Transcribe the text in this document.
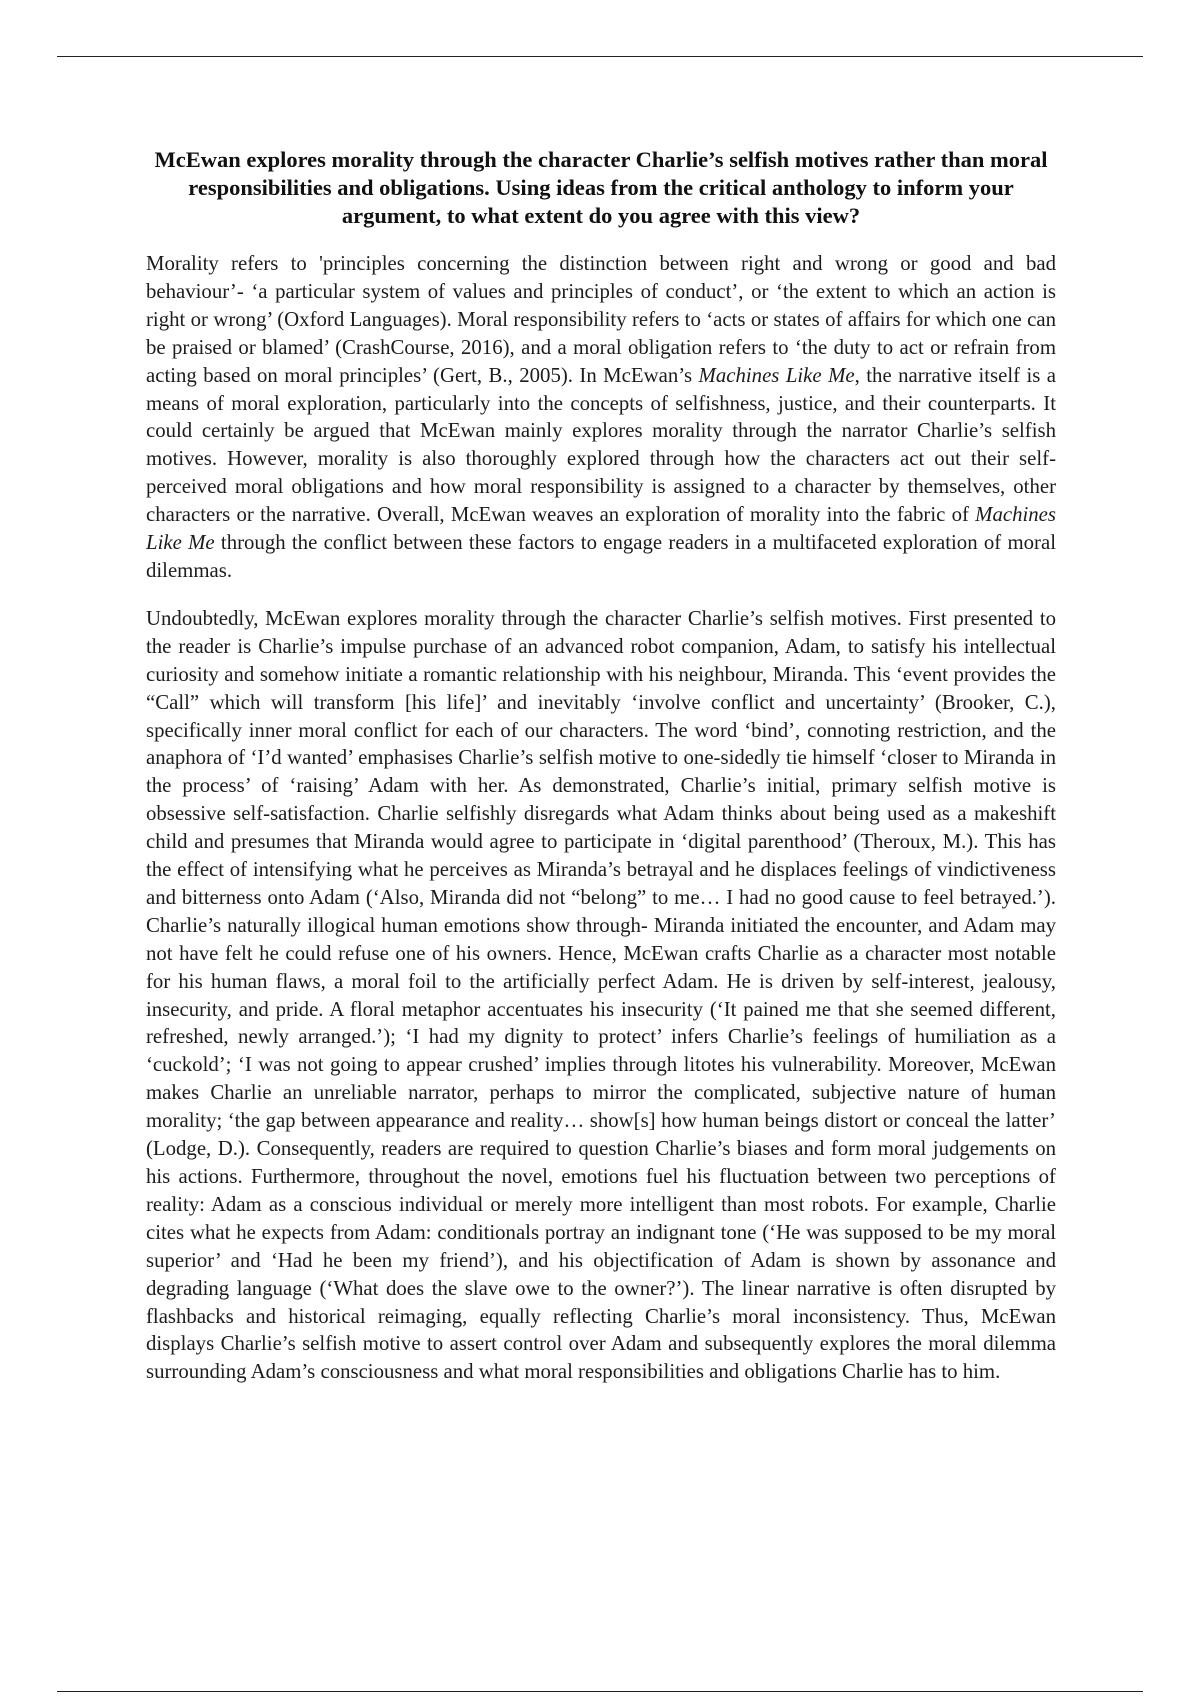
McEwan explores morality through the character Charlie’s selfish motives rather than moral responsibilities and obligations. Using ideas from the critical anthology to inform your argument, to what extent do you agree with this view?

Morality refers to 'principles concerning the distinction between right and wrong or good and bad behaviour’- ‘a particular system of values and principles of conduct’, or ‘the extent to which an action is right or wrong’ (Oxford Languages). Moral responsibility refers to ‘acts or states of affairs for which one can be praised or blamed’ (CrashCourse, 2016), and a moral obligation refers to ‘the duty to act or refrain from acting based on moral principles’ (Gert, B., 2005). In McEwan’s Machines Like Me, the narrative itself is a means of moral exploration, particularly into the concepts of selfishness, justice, and their counterparts. It could certainly be argued that McEwan mainly explores morality through the narrator Charlie’s selfish motives. However, morality is also thoroughly explored through how the characters act out their self-perceived moral obligations and how moral responsibility is assigned to a character by themselves, other characters or the narrative. Overall, McEwan weaves an exploration of morality into the fabric of Machines Like Me through the conflict between these factors to engage readers in a multifaceted exploration of moral dilemmas.

Undoubtedly, McEwan explores morality through the character Charlie’s selfish motives. First presented to the reader is Charlie’s impulse purchase of an advanced robot companion, Adam, to satisfy his intellectual curiosity and somehow initiate a romantic relationship with his neighbour, Miranda. This ‘event provides the “Call” which will transform [his life]’ and inevitably ‘involve conflict and uncertainty’ (Brooker, C.), specifically inner moral conflict for each of our characters. The word ‘bind’, connoting restriction, and the anaphora of ‘I’d wanted’ emphasises Charlie’s selfish motive to one-sidedly tie himself ‘closer to Miranda in the process’ of ‘raising’ Adam with her. As demonstrated, Charlie’s initial, primary selfish motive is obsessive self-satisfaction. Charlie selfishly disregards what Adam thinks about being used as a makeshift child and presumes that Miranda would agree to participate in ‘digital parenthood’ (Theroux, M.). This has the effect of intensifying what he perceives as Miranda’s betrayal and he displaces feelings of vindictiveness and bitterness onto Adam (‘Also, Miranda did not “belong” to me… I had no good cause to feel betrayed.’). Charlie’s naturally illogical human emotions show through- Miranda initiated the encounter, and Adam may not have felt he could refuse one of his owners. Hence, McEwan crafts Charlie as a character most notable for his human flaws, a moral foil to the artificially perfect Adam. He is driven by self-interest, jealousy, insecurity, and pride. A floral metaphor accentuates his insecurity (‘It pained me that she seemed different, refreshed, newly arranged.’); ‘I had my dignity to protect’ infers Charlie’s feelings of humiliation as a ‘cuckold’; ‘I was not going to appear crushed’ implies through litotes his vulnerability. Moreover, McEwan makes Charlie an unreliable narrator, perhaps to mirror the complicated, subjective nature of human morality; ‘the gap between appearance and reality… show[s] how human beings distort or conceal the latter’ (Lodge, D.). Consequently, readers are required to question Charlie’s biases and form moral judgements on his actions. Furthermore, throughout the novel, emotions fuel his fluctuation between two perceptions of reality: Adam as a conscious individual or merely more intelligent than most robots. For example, Charlie cites what he expects from Adam: conditionals portray an indignant tone (‘He was supposed to be my moral superior’ and ‘Had he been my friend’), and his objectification of Adam is shown by assonance and degrading language (‘What does the slave owe to the owner?’). The linear narrative is often disrupted by flashbacks and historical reimaging, equally reflecting Charlie’s moral inconsistency. Thus, McEwan displays Charlie’s selfish motive to assert control over Adam and subsequently explores the moral dilemma surrounding Adam’s consciousness and what moral responsibilities and obligations Charlie has to him.
